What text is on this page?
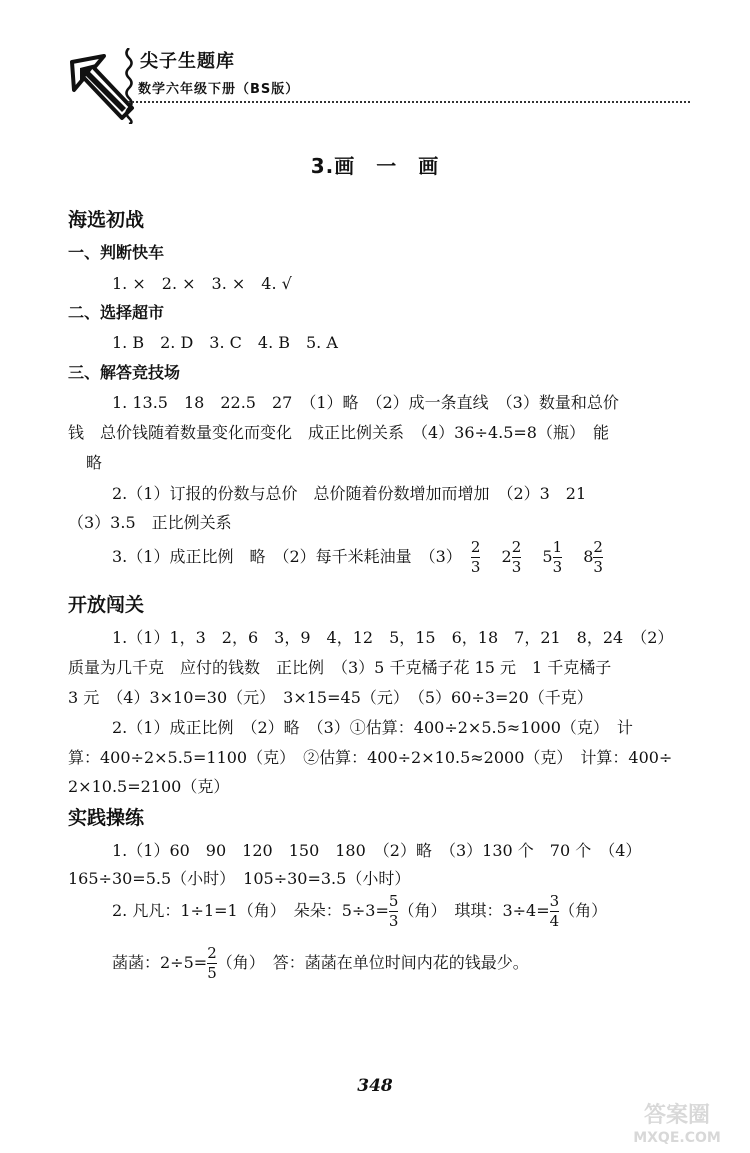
尖子生题库
数学六年级下册（BS版）
3.画　一　画
海选初战
一、判断快车
1. ×　2. ×　3. ×　4. √
二、选择超市
1. B　2. D　3. C　4. B　5. A
三、解答竞技场
1. 13.5　18　22.5　27　（1）略　（2）成一条直线　（3）数量和总价
钱　总价钱随着数量变化而变化　成正比例关系　（4）36÷4.5=8（瓶）　能
略
2.（1）订报的份数与总价　总价随着份数增加而增加　（2）3　21
（3）3.5　正比例关系
3.（1）成正比例　略　（2）每千米耗油量　$(3) \frac{2}{3} 2 \frac{2}{3} 5 \frac{1}{3} 8 \frac{2}{3}$
开放闯关
1.（1）1，3　2，6　3，9　4，12　5，15　6，18　7，21　8，24　（2）
质量为几千克　应付的钱数　正比例　（3）5 千克橘子花 15 元　1 千克橘子
3 元　（4）3×10=30（元）　3×15=45（元）　（5）60÷3=20（千克）
2.（1）成正比例　（2）略　（3）①估算：400÷2×5.5≈1000（克）　计
算：400÷2×5.5=1100（克）　②估算：400÷2×10.5≈2000（克）　计算：400÷
2×10.5=2100（克）
实践操练
1.（1）60　90　120　150　180　（2）略　（3）130 个　70 个　（4）
165÷30=5.5（小时）　105÷30=3.5（小时）
2. 凡凡：1÷1=1（角）　朵朵：$5\div 3= \frac{5}{3}$ （角）　琪琪：$3\div 4= \frac{3}{4}$ （角）
菡菡：$2\div 5= \frac{2}{5}$ （角）　答：菡菡在单位时间内花的钱最少。
348
答案圈
MXQE.COM
